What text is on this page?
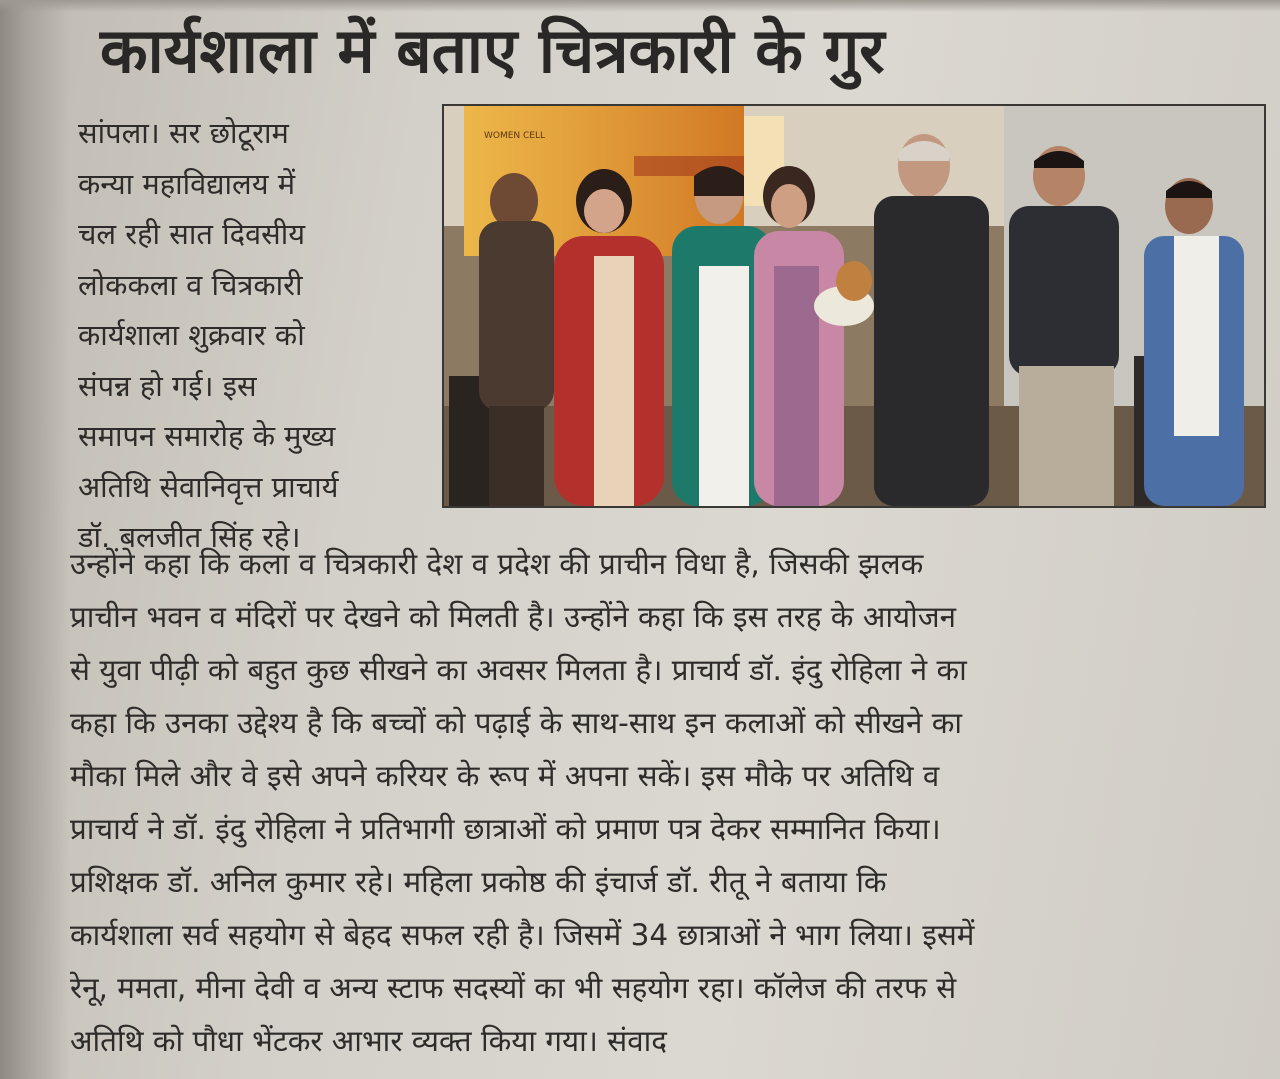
कार्यशाला में बताए चित्रकारी के गुर
WOMEN CELL
सांपला। सर छोटूराम
कन्या महाविद्यालय में
चल रही सात दिवसीय
लोककला व चित्रकारी
कार्यशाला शुक्रवार को
संपन्न हो गई। इस
समापन समारोह के मुख्य
अतिथि सेवानिवृत्त प्राचार्य
डॉ. बलजीत सिंह रहे।
उन्होंने कहा कि कला व चित्रकारी देश व प्रदेश की प्राचीन विधा है, जिसकी झलक
प्राचीन भवन व मंदिरों पर देखने को मिलती है। उन्होंने कहा कि इस तरह के आयोजन
से युवा पीढ़ी को बहुत कुछ सीखने का अवसर मिलता है। प्राचार्य डॉ. इंदु रोहिला ने का
कहा कि उनका उद्देश्य है कि बच्चों को पढ़ाई के साथ-साथ इन कलाओं को सीखने का
मौका मिले और वे इसे अपने करियर के रूप में अपना सकें। इस मौके पर अतिथि व
प्राचार्य ने डॉ. इंदु रोहिला ने प्रतिभागी छात्राओं को प्रमाण पत्र देकर सम्मानित किया।
प्रशिक्षक डॉ. अनिल कुमार रहे। महिला प्रकोष्ठ की इंचार्ज डॉ. रीतू ने बताया कि
कार्यशाला सर्व सहयोग से बेहद सफल रही है। जिसमें 34 छात्राओं ने भाग लिया। इसमें
रेनू, ममता, मीना देवी व अन्य स्टाफ सदस्यों का भी सहयोग रहा। कॉलेज की तरफ से
अतिथि को पौधा भेंटकर आभार व्यक्त किया गया। संवाद
